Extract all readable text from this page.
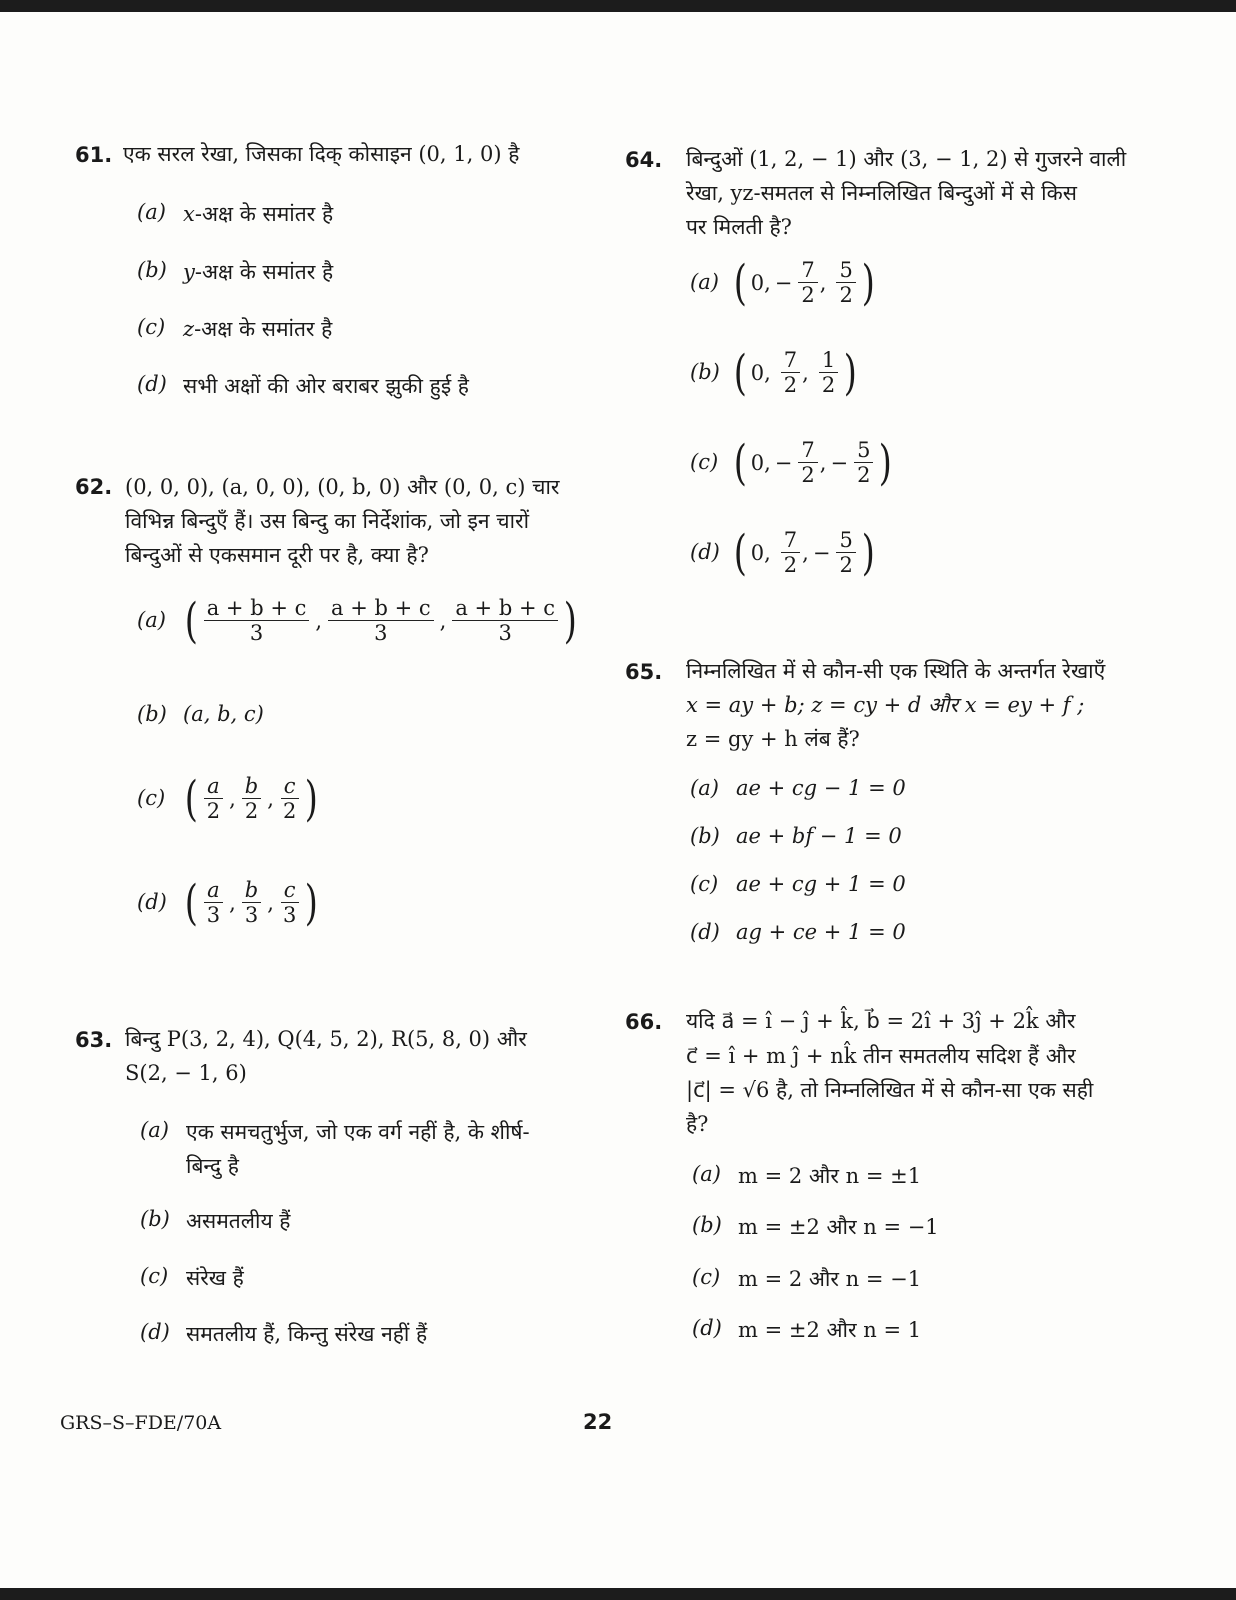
61. एक सरल रेखा, जिसका दिक् कोसाइन (0, 1, 0) है
(a) x-अक्ष के समांतर है
(b) y-अक्ष के समांतर है
(c) z-अक्ष के समांतर है
(d) सभी अक्षों की ओर बराबर झुकी हुई है
62. (0, 0, 0), (a, 0, 0), (0, b, 0) और (0, 0, c) चार
विभिन्न बिन्दुएँ हैं। उस बिन्दु का निर्देशांक, जो इन चारों
बिन्दुओं से एकसमान दूरी पर है, क्या है?
(a) ( $\frac{a + b + c}{3}$ , $\frac{a + b + c}{3}$ , $\frac{a + b + c}{3}$ )
(b) (a, b, c)
(c) ( $\frac{a}{2}$ , $\frac{b}{2}$ , $\frac{c}{2}$ )
(d) ( $\frac{a}{3}$ , $\frac{b}{3}$ , $\frac{c}{3}$ )
63. बिन्दु P(3, 2, 4), Q(4, 5, 2), R(5, 8, 0) और
S(2, − 1, 6)
(a) एक समचतुर्भुज, जो एक वर्ग नहीं है, के शीर्ष-
बिन्दु है
(b) असमतलीय हैं
(c) संरेख हैं
(d) समतलीय हैं, किन्तु संरेख नहीं हैं
64. बिन्दुओं (1, 2, − 1) और (3, − 1, 2) से गुजरने वाली
रेखा, yz-समतल से निम्नलिखित बिन्दुओं में से किस
पर मिलती है?
(a) ( 0, − $\frac{7}{2}$ , $\frac{5}{2}$ )
(b) ( 0, $\frac{7}{2}$ , $\frac{1}{2}$ )
(c) ( 0, − $\frac{7}{2}$ , − $\frac{5}{2}$ )
(d) ( 0, $\frac{7}{2}$ , − $\frac{5}{2}$ )
65. निम्नलिखित में से कौन-सी एक स्थिति के अन्तर्गत रेखाएँ
x = ay + b; z = cy + d और x = ey + f ;
z = gy + h लंब हैं?
(a) ae + cg − 1 = 0
(b) ae + bf − 1 = 0
(c) ae + cg + 1 = 0
(d) ag + ce + 1 = 0
66. यदि a⃗ = î − ĵ + k̂, b⃗ = 2î + 3ĵ + 2k̂ और
c⃗ = î + m ĵ + nk̂ तीन समतलीय सदिश हैं और
|c⃗| = √6 है, तो निम्नलिखित में से कौन-सा एक सही
है?
(a) m = 2 और n = ±1
(b) m = ±2 और n = −1
(c) m = 2 और n = −1
(d) m = ±2 और n = 1
GRS–S–FDE/70A	22
